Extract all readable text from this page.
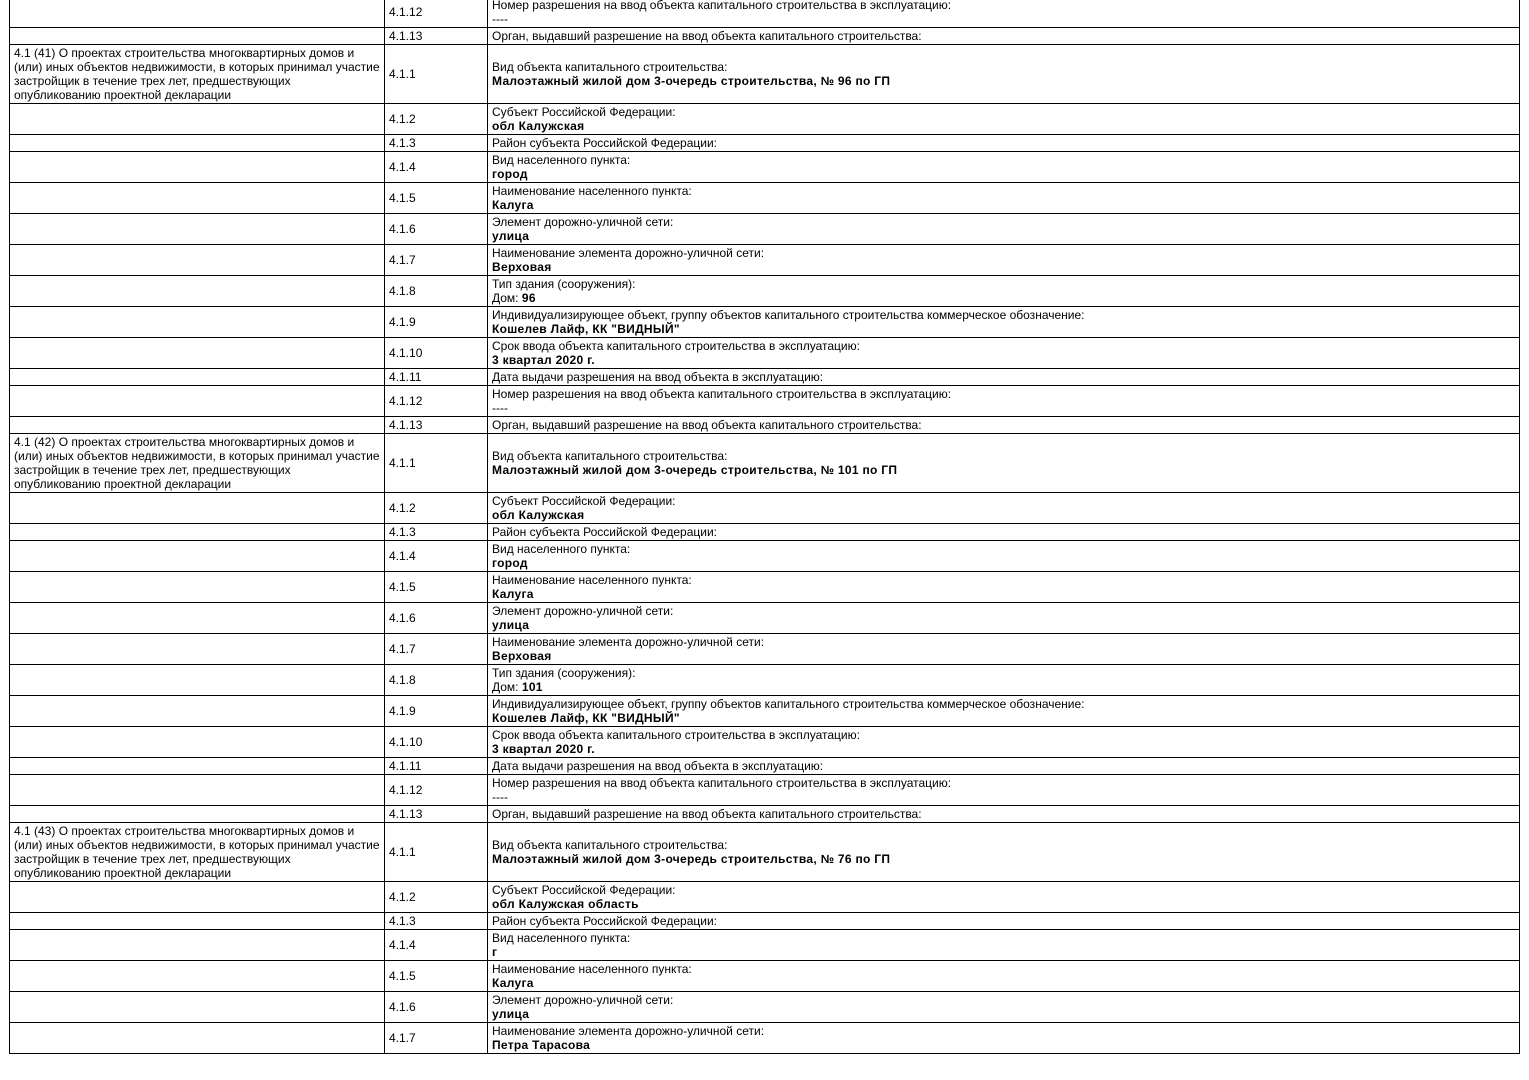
	4.1.12	Номер разрешения на ввод объекта капитального строительства в эксплуатацию:
----

	4.1.13	Орган, выдавший разрешение на ввод объекта капитального строительства:

4.1 (41) О проектах строительства многоквартирных домов и (или) иных объектов недвижимости, в которых принимал участие застройщик в течение трех лет, предшествующих опубликованию проектной декларации	4.1.1	Вид объекта капитального строительства:
Малоэтажный жилой дом 3-очередь строительства, № 96 по ГП

	4.1.2	Субъект Российской Федерации:
обл Калужская

	4.1.3	Район субъекта Российской Федерации:

	4.1.4	Вид населенного пункта:
город

	4.1.5	Наименование населенного пункта:
Калуга

	4.1.6	Элемент дорожно-уличной сети:
улица

	4.1.7	Наименование элемента дорожно-уличной сети:
Верховая

	4.1.8	Тип здания (сооружения):
Дом: 96

	4.1.9	Индивидуализирующее объект, группу объектов капитального строительства коммерческое обозначение:
Кошелев Лайф, КК "ВИДНЫЙ"

	4.1.10	Срок ввода объекта капитального строительства в эксплуатацию:
3 квартал 2020 г.

	4.1.11	Дата выдачи разрешения на ввод объекта в эксплуатацию:

	4.1.12	Номер разрешения на ввод объекта капитального строительства в эксплуатацию:
----

	4.1.13	Орган, выдавший разрешение на ввод объекта капитального строительства:

4.1 (42) О проектах строительства многоквартирных домов и (или) иных объектов недвижимости, в которых принимал участие застройщик в течение трех лет, предшествующих опубликованию проектной декларации	4.1.1	Вид объекта капитального строительства:
Малоэтажный жилой дом 3-очередь строительства, № 101 по ГП

	4.1.2	Субъект Российской Федерации:
обл Калужская

	4.1.3	Район субъекта Российской Федерации:

	4.1.4	Вид населенного пункта:
город

	4.1.5	Наименование населенного пункта:
Калуга

	4.1.6	Элемент дорожно-уличной сети:
улица

	4.1.7	Наименование элемента дорожно-уличной сети:
Верховая

	4.1.8	Тип здания (сооружения):
Дом: 101

	4.1.9	Индивидуализирующее объект, группу объектов капитального строительства коммерческое обозначение:
Кошелев Лайф, КК "ВИДНЫЙ"

	4.1.10	Срок ввода объекта капитального строительства в эксплуатацию:
3 квартал 2020 г.

	4.1.11	Дата выдачи разрешения на ввод объекта в эксплуатацию:

	4.1.12	Номер разрешения на ввод объекта капитального строительства в эксплуатацию:
----

	4.1.13	Орган, выдавший разрешение на ввод объекта капитального строительства:

4.1 (43) О проектах строительства многоквартирных домов и (или) иных объектов недвижимости, в которых принимал участие застройщик в течение трех лет, предшествующих опубликованию проектной декларации	4.1.1	Вид объекта капитального строительства:
Малоэтажный жилой дом 3-очередь строительства, № 76 по ГП

	4.1.2	Субъект Российской Федерации:
обл Калужская область

	4.1.3	Район субъекта Российской Федерации:

	4.1.4	Вид населенного пункта:
г

	4.1.5	Наименование населенного пункта:
Калуга

	4.1.6	Элемент дорожно-уличной сети:
улица

	4.1.7	Наименование элемента дорожно-уличной сети:
Петра Тарасова
